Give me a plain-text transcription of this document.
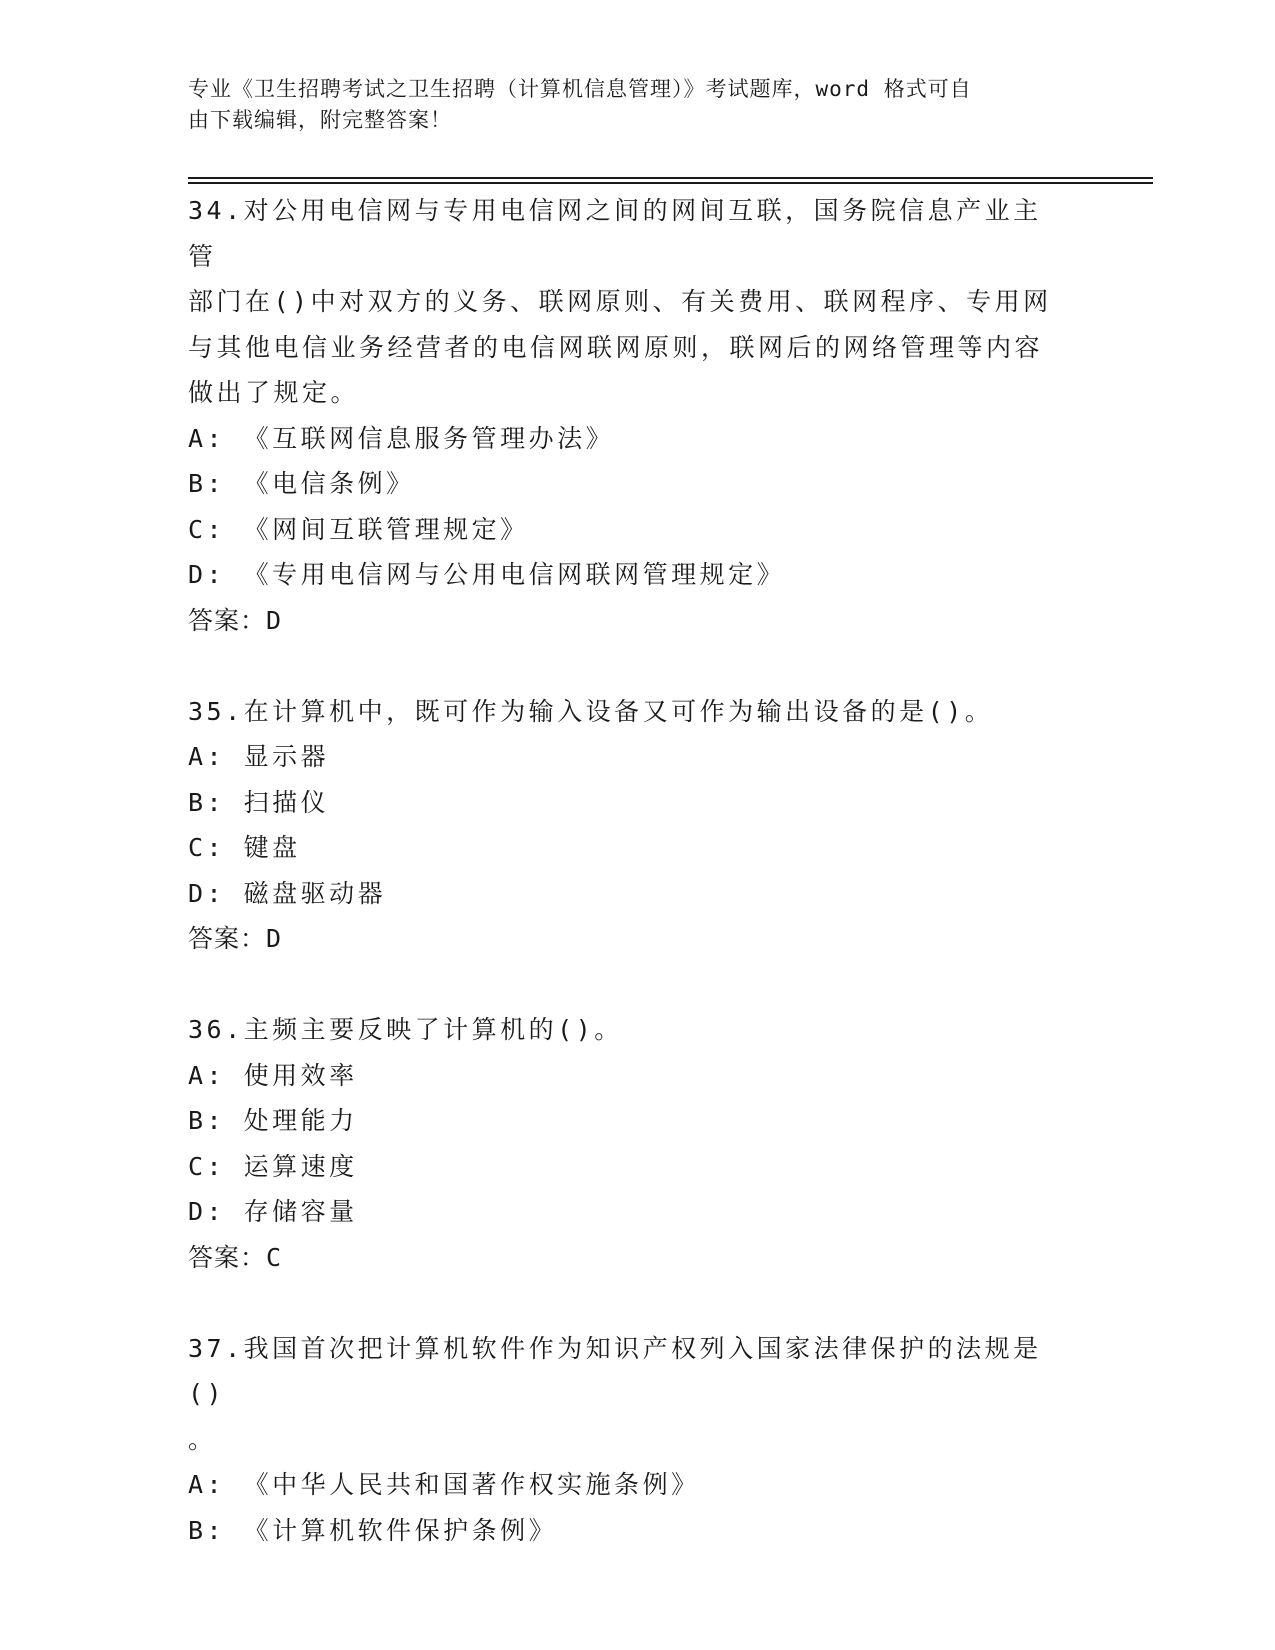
专业《卫生招聘考试之卫生招聘（计算机信息管理）》考试题库，word 格式可自
由下载编辑，附完整答案！
34.对公用电信网与专用电信网之间的网间互联，国务院信息产业主管
部门在()中对双方的义务、联网原则、有关费用、联网程序、专用网
与其他电信业务经营者的电信网联网原则，联网后的网络管理等内容
做出了规定。
A: 《互联网信息服务管理办法》
B: 《电信条例》
C: 《网间互联管理规定》
D: 《专用电信网与公用电信网联网管理规定》
答案：D
35.在计算机中，既可作为输入设备又可作为输出设备的是()。
A: 显示器
B: 扫描仪
C: 键盘
D: 磁盘驱动器
答案：D
36.主频主要反映了计算机的()。
A: 使用效率
B: 处理能力
C: 运算速度
D: 存储容量
答案：C
37.我国首次把计算机软件作为知识产权列入国家法律保护的法规是()
。
A: 《中华人民共和国著作权实施条例》
B: 《计算机软件保护条例》
